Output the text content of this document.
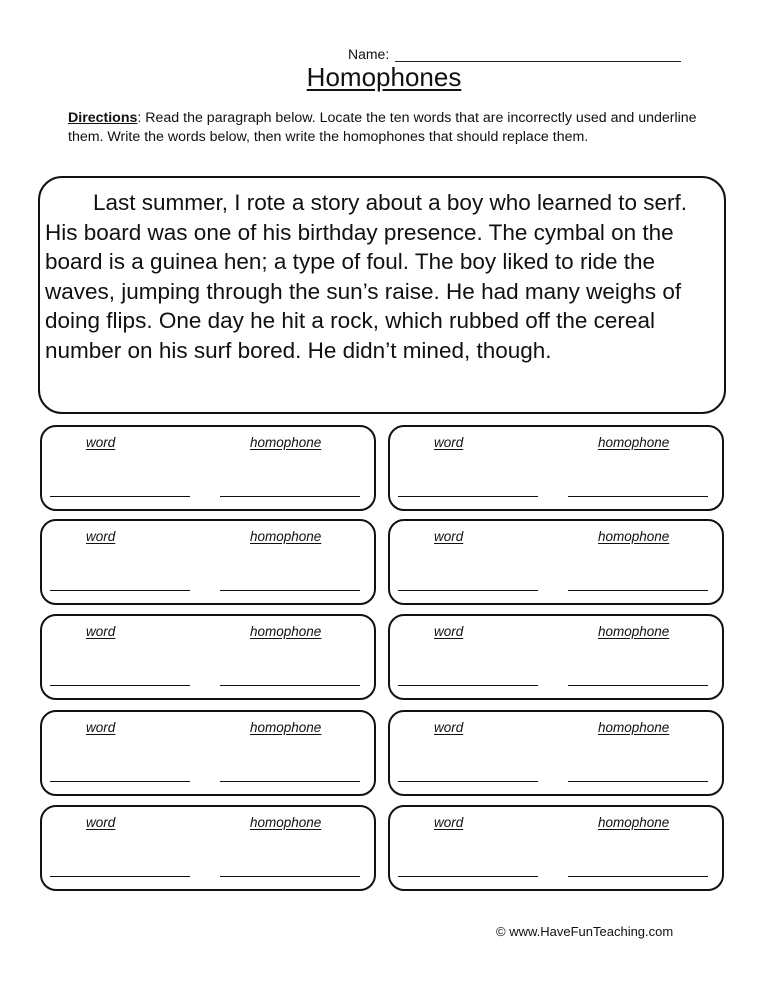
Name:
Homophones
Directions: Read the paragraph below. Locate the ten words that are incorrectly used and underline them. Write the words below, then write the homophones that should replace them.

Last summer, I rote a story about a boy who learned to serf. His board was one of his birthday presence. The cymbal on the board is a guinea hen; a type of foul. The boy liked to ride the waves, jumping through the sun’s raise. He had many weighs of doing flips. One day he hit a rock, which rubbed off the cereal number on his surf bored. He didn’t mined, though.

word	homophone
word	homophone
word	homophone
word	homophone
word	homophone
word	homophone
word	homophone
word	homophone
word	homophone
word	homophone
© www.HaveFunTeaching.com
